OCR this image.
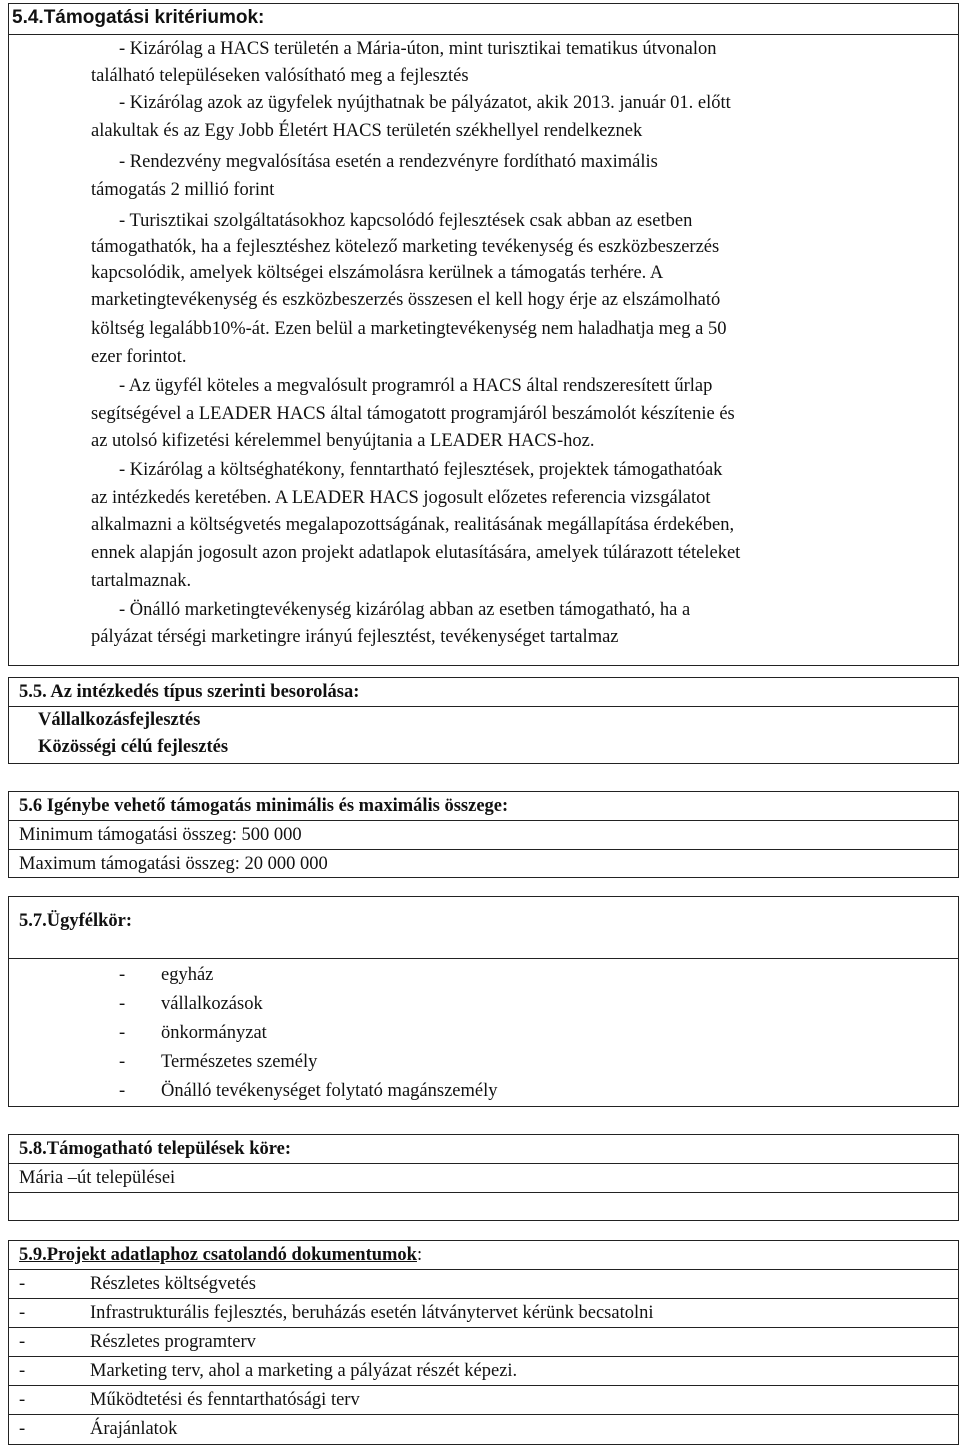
5.4.Támogatási kritériumok:
- Kizárólag a HACS területén a Mária-úton, mint turisztikai tematikus útvonalon
található településeken valósítható meg a fejlesztés
- Kizárólag azok az ügyfelek nyújthatnak be pályázatot, akik 2013. január 01. előtt
alakultak és az Egy Jobb Életért HACS területén székhellyel rendelkeznek
- Rendezvény megvalósítása esetén a rendezvényre fordítható maximális
támogatás 2 millió forint
- Turisztikai szolgáltatásokhoz kapcsolódó fejlesztések csak abban az esetben
támogathatók, ha a fejlesztéshez kötelező marketing tevékenység és eszközbeszerzés
kapcsolódik, amelyek költségei elszámolásra kerülnek a támogatás terhére. A
marketingtevékenység és eszközbeszerzés összesen el kell hogy érje az elszámolható
költség legalább10%-át. Ezen belül a marketingtevékenység nem haladhatja meg a 50
ezer forintot.
- Az ügyfél köteles a megvalósult programról a HACS által rendszeresített űrlap
segítségével a LEADER HACS által támogatott programjáról beszámolót készítenie és
az utolsó kifizetési kérelemmel benyújtania a LEADER HACS-hoz.
- Kizárólag a költséghatékony, fenntartható fejlesztések, projektek támogathatóak
az intézkedés keretében. A LEADER HACS jogosult előzetes referencia vizsgálatot
alkalmazni a költségvetés megalapozottságának, realitásának megállapítása érdekében,
ennek alapján jogosult azon projekt adatlapok elutasítására, amelyek túlárazott tételeket
tartalmaznak.
- Önálló marketingtevékenység kizárólag abban az esetben támogatható, ha a
pályázat térségi marketingre irányú fejlesztést, tevékenységet tartalmaz
5.5. Az intézkedés típus szerinti besorolása:
Vállalkozásfejlesztés
Közösségi célú fejlesztés
5.6 Igénybe vehető támogatás minimális és maximális összege:
Minimum támogatási összeg: 500 000
Maximum támogatási összeg: 20 000 000
5.7.Ügyfélkör:
- egyház
- vállalkozások
- önkormányzat
- Természetes személy
- Önálló tevékenységet folytató magánszemély
5.8.Támogatható települések köre:
Mária –út települései
5.9.Projekt adatlaphoz csatolandó dokumentumok:
-	Részletes költségvetés
-	Infrastrukturális fejlesztés, beruházás esetén látványtervet kérünk becsatolni
-	Részletes programterv
-	Marketing terv, ahol a marketing a pályázat részét képezi.
-	Működtetési és fenntarthatósági terv
-	Árajánlatok
